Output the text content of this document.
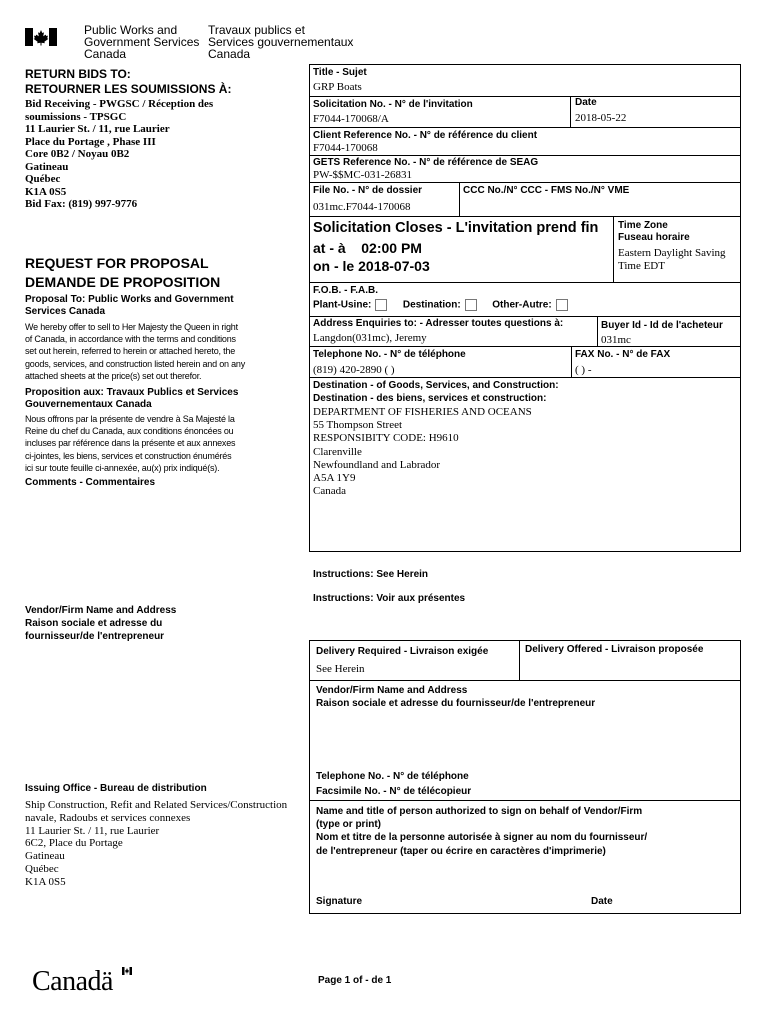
Public Works and
Government Services
Canada
Travaux publics et
Services gouvernementaux
Canada
RETURN BIDS TO:
RETOURNER LES SOUMISSIONS À:
Bid Receiving - PWGSC / Réception des
soumissions - TPSGC
11 Laurier St. / 11, rue Laurier
Place du Portage , Phase III
Core 0B2 / Noyau 0B2
Gatineau
Québec
K1A 0S5
Bid Fax: (819) 997-9776
REQUEST FOR PROPOSAL
DEMANDE DE PROPOSITION
Proposal To: Public Works and Government
Services Canada
We hereby offer to sell to Her Majesty the Queen in right
of Canada, in accordance with the terms and conditions
set out herein, referred to herein or attached hereto, the
goods, services, and construction listed herein and on any
attached sheets at the price(s) set out therefor.
Proposition aux: Travaux Publics et Services
Gouvernementaux Canada
Nous offrons par la présente de vendre à Sa Majesté la
Reine du chef du Canada, aux conditions énoncées ou
incluses par référence dans la présente et aux annexes
ci-jointes, les biens, services et construction énumérés
ici sur toute feuille ci-annexée, au(x) prix indiqué(s).
Comments - Commentaires
Vendor/Firm Name and Address
Raison sociale et adresse du
fournisseur/de l'entrepreneur
Issuing Office - Bureau de distribution
Ship Construction, Refit and Related Services/Construction
navale, Radoubs et services connexes
11 Laurier St. / 11, rue Laurier
6C2, Place du Portage
Gatineau
Québec
K1A 0S5
Title - Sujet
GRP Boats
Solicitation No. - N° de l'invitation
F7044-170068/A
Date
2018-05-22
Client Reference No. - N° de référence du client
F7044-170068
GETS Reference No. - N° de référence de SEAG
PW-$$MC-031-26831
File No. - N° de dossier
031mc.F7044-170068
CCC No./N° CCC - FMS No./N° VME
Solicitation Closes - L'invitation prend fin
at - à 02:00 PM
on - le 2018-07-03
Time Zone
Fuseau horaire
Eastern Daylight Saving
Time EDT
F.O.B. - F.A.B.
Plant-Usine:	Destination:	Other-Autre:
Address Enquiries to: - Adresser toutes questions à:
Langdon(031mc), Jeremy
Buyer Id - Id de l'acheteur
031mc
Telephone No. - N° de téléphone
(819) 420-2890 ( )
FAX No. - N° de FAX
( ) -
Destination - of Goods, Services, and Construction:
Destination - des biens, services et construction:
DEPARTMENT OF FISHERIES AND OCEANS
55 Thompson Street
RESPONSIBITY CODE: H9610
Clarenville
Newfoundland and Labrador
A5A 1Y9
Canada
Instructions: See Herein
Instructions: Voir aux présentes
Delivery Required - Livraison exigée
See Herein
Delivery Offered - Livraison proposée
Vendor/Firm Name and Address
Raison sociale et adresse du fournisseur/de l'entrepreneur
Telephone No. - N° de téléphone
Facsimile No. - N° de télécopieur
Name and title of person authorized to sign on behalf of Vendor/Firm
(type or print)
Nom et titre de la personne autorisée à signer au nom du fournisseur/
de l'entrepreneur (taper ou écrire en caractères d'imprimerie)
Signature	Date
Canadä	Page 1 of - de 1
